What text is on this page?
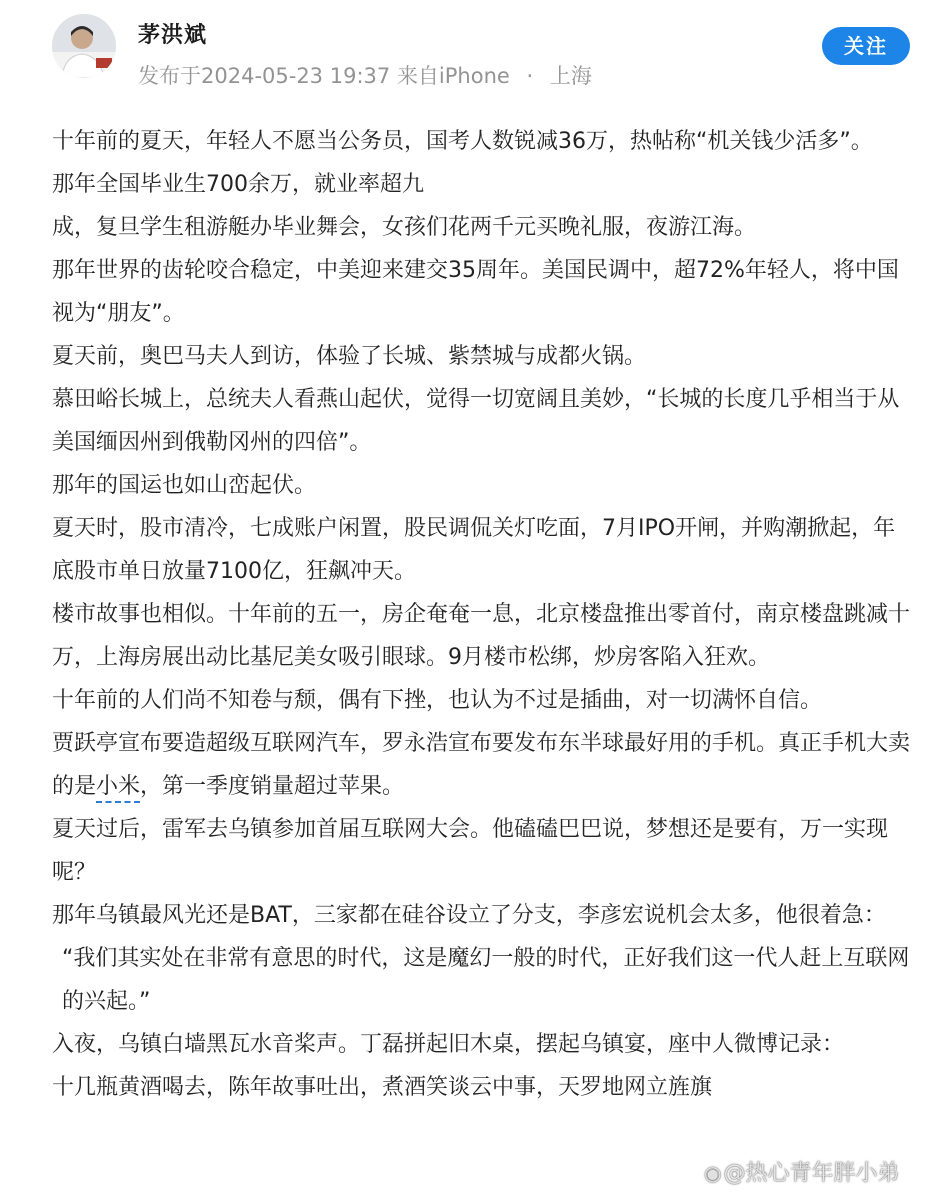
茅洪斌
发布于2024-05-23 19:37 来自iPhone · 上海
关注

十年前的夏天，年轻人不愿当公务员，国考人数锐减36万，热帖称“机关钱少活多”。

那年全国毕业生700余万，就业率超九

成，复旦学生租游艇办毕业舞会，女孩们花两千元买晚礼服，夜游江海。

那年世界的齿轮咬合稳定，中美迎来建交35周年。美国民调中，超72%年轻人，将中国视为“朋友”。

夏天前，奥巴马夫人到访，体验了长城、紫禁城与成都火锅。

慕田峪长城上，总统夫人看燕山起伏，觉得一切宽阔且美妙，“长城的长度几乎相当于从美国缅因州到俄勒冈州的四倍”。

那年的国运也如山峦起伏。

夏天时，股市清冷，七成账户闲置，股民调侃关灯吃面，7月IPO开闸，并购潮掀起，年底股市单日放量7100亿，狂飙冲天。

楼市故事也相似。十年前的五一，房企奄奄一息，北京楼盘推出零首付，南京楼盘跳减十万，上海房展出动比基尼美女吸引眼球。9月楼市松绑，炒房客陷入狂欢。

十年前的人们尚不知卷与颓，偶有下挫，也认为不过是插曲，对一切满怀自信。

贾跃亭宣布要造超级互联网汽车，罗永浩宣布要发布东半球最好用的手机。真正手机大卖的是小米，第一季度销量超过苹果。

夏天过后，雷军去乌镇参加首届互联网大会。他磕磕巴巴说，梦想还是要有，万一实现呢？

那年乌镇最风光还是BAT，三家都在硅谷设立了分支，李彦宏说机会太多，他很着急：

“我们其实处在非常有意思的时代，这是魔幻一般的时代，正好我们这一代人赶上互联网的兴起。”

入夜，乌镇白墙黑瓦水音桨声。丁磊拼起旧木桌，摆起乌镇宴，座中人微博记录：

十几瓶黄酒喝去，陈年故事吐出，煮酒笑谈云中事，天罗地网立旌旗

◉@热心青年胖小弟
